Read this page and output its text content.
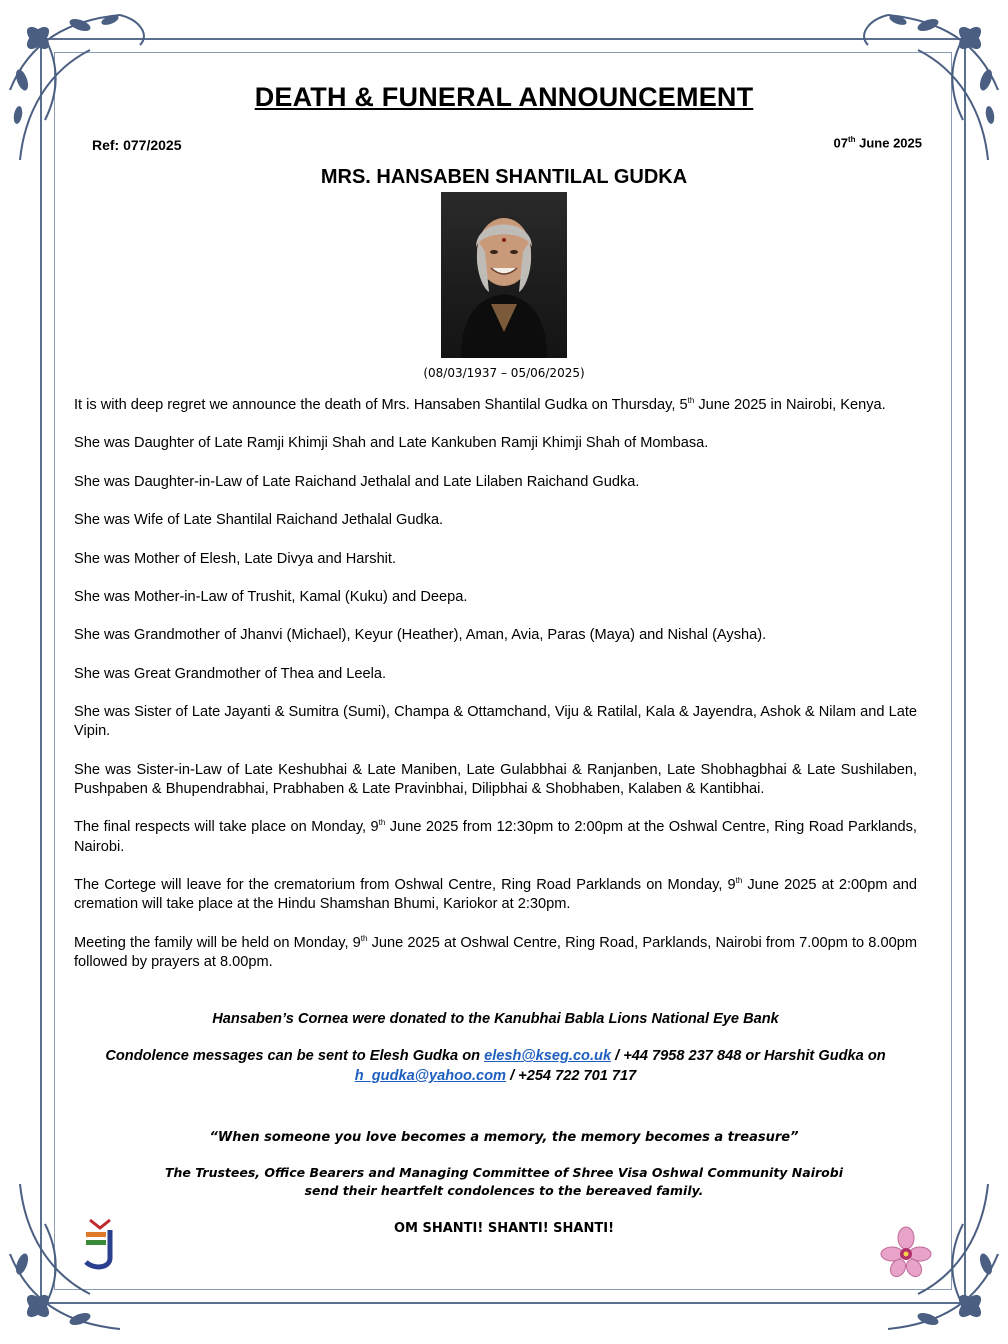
DEATH & FUNERAL ANNOUNCEMENT
Ref: 077/2025	07th June 2025
MRS. HANSABEN SHANTILAL GUDKA
(08/03/1937 – 05/06/2025)

It is with deep regret we announce the death of Mrs. Hansaben Shantilal Gudka on Thursday, 5th June 2025 in Nairobi, Kenya.

She was Daughter of Late Ramji Khimji Shah and Late Kankuben Ramji Khimji Shah of Mombasa.

She was Daughter-in-Law of Late Raichand Jethalal and Late Lilaben Raichand Gudka.

She was Wife of Late Shantilal Raichand Jethalal Gudka.

She was Mother of Elesh, Late Divya and Harshit.

She was Mother-in-Law of Trushit, Kamal (Kuku) and Deepa.

She was Grandmother of Jhanvi (Michael), Keyur (Heather), Aman, Avia, Paras (Maya) and Nishal (Aysha).

She was Great Grandmother of Thea and Leela.

She was Sister of Late Jayanti & Sumitra (Sumi), Champa & Ottamchand, Viju & Ratilal, Kala & Jayendra, Ashok & Nilam and Late Vipin.

She was Sister-in-Law of Late Keshubhai & Late Maniben, Late Gulabbhai & Ranjanben, Late Shobhagbhai & Late Sushilaben, Pushpaben & Bhupendrabhai, Prabhaben & Late Pravinbhai, Dilipbhai & Shobhaben, Kalaben & Kantibhai.

The final respects will take place on Monday, 9th June 2025 from 12:30pm to 2:00pm at the Oshwal Centre, Ring Road Parklands, Nairobi.

The Cortege will leave for the crematorium from Oshwal Centre, Ring Road Parklands on Monday, 9th June 2025 at 2:00pm and cremation will take place at the Hindu Shamshan Bhumi, Kariokor at 2:30pm.

Meeting the family will be held on Monday, 9th June 2025 at Oshwal Centre, Ring Road, Parklands, Nairobi from 7.00pm to 8.00pm followed by prayers at 8.00pm.

Hansaben’s Cornea were donated to the Kanubhai Babla Lions National Eye Bank
Condolence messages can be sent to Elesh Gudka on elesh@kseg.co.uk / +44 7958 237 848 or Harshit Gudka on h_gudka@yahoo.com / +254 722 701 717
“When someone you love becomes a memory, the memory becomes a treasure”
The Trustees, Office Bearers and Managing Committee of Shree Visa Oshwal Community Nairobi
send their heartfelt condolences to the bereaved family.
OM SHANTI! SHANTI! SHANTI!
